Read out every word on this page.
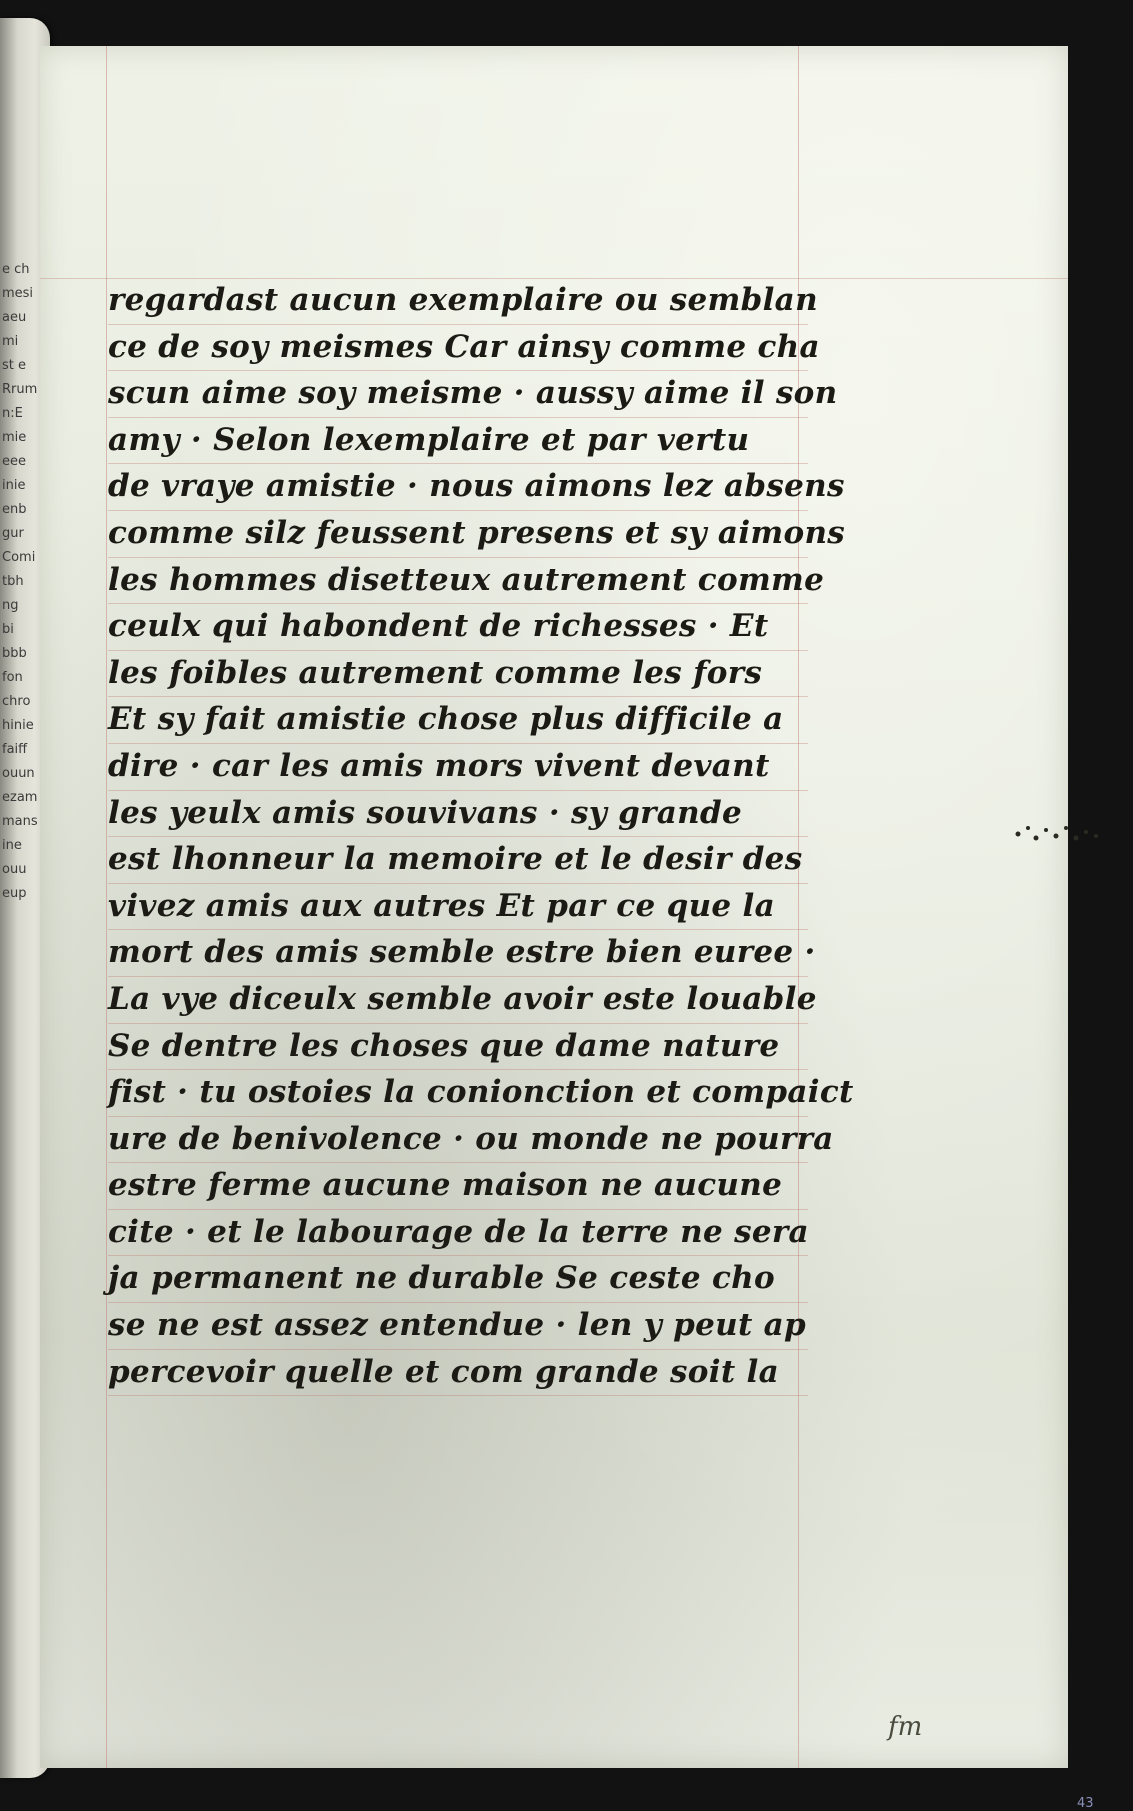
e ch
mesi
aeu
mi
st e
Rrum
n:E
mie
eee
inie
enb
gur
Comi
tbh
ng
bi
bbb
fon
chro
hinie
faiff
ouun
ezam
mans
ine
ouu
eup
regardast aucun exemplaire ou semblan
ce de soy meismes Car ainsy comme cha
scun aime soy meisme · aussy aime il son
amy · Selon lexemplaire et par vertu
de vraye amistie · nous aimons lez absens
comme silz feussent presens et sy aimons
les hommes disetteux autrement comme
ceulx qui habondent de richesses · Et
les foibles autrement comme les fors
Et sy fait amistie chose plus difficile a
dire · car les amis mors vivent devant
les yeulx amis souvivans · sy grande
est lhonneur la memoire et le desir des
vivez amis aux autres Et par ce que la
mort des amis semble estre bien euree ·
La vye diceulx semble avoir este louable
Se dentre les choses que dame nature
fist · tu ostoies la conionction et compaict
ure de benivolence · ou monde ne pourra
estre ferme aucune maison ne aucune
cite · et le labourage de la terre ne sera
ja permanent ne durable Se ceste cho
se ne est assez entendue · len y peut ap
percevoir quelle et com grande soit la
fm
43
